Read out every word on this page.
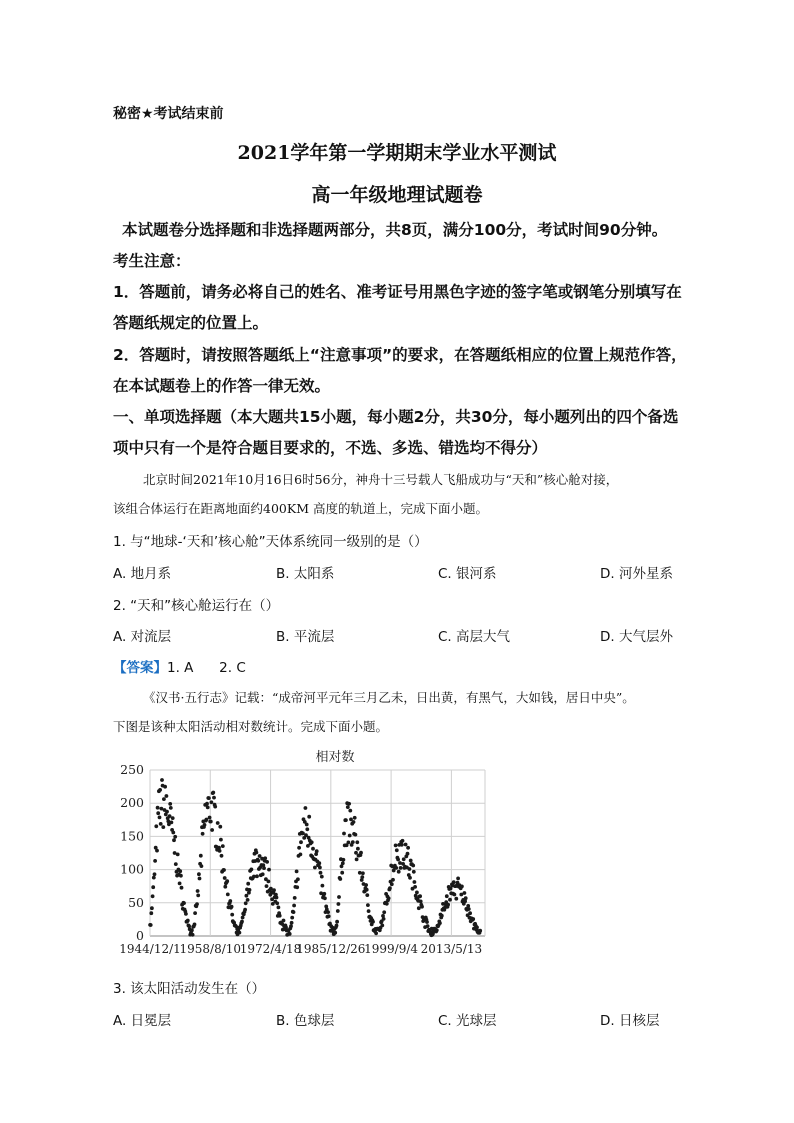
秘密★考试结束前
2021学年第一学期期末学业水平测试
高一年级地理试题卷
本试题卷分选择题和非选择题两部分，共8页，满分100分，考试时间90分钟。
考生注意：
1．答题前，请务必将自己的姓名、准考证号用黑色字迹的签字笔或钢笔分别填写在
答题纸规定的位置上。
2．答题时，请按照答题纸上“注意事项”的要求，在答题纸相应的位置上规范作答，
在本试题卷上的作答一律无效。
一、单项选择题（本大题共15小题，每小题2分，共30分，每小题列出的四个备选
项中只有一个是符合题目要求的，不选、多选、错选均不得分）
北京时间2021年10月16日6时56分，神舟十三号载人飞船成功与“天和”核心舱对接，
该组合体运行在距离地面约400KM 高度的轨道上，完成下面小题。
1. 与“地球-‘天和’核心舱”天体系统同一级别的是（）
A. 地月系	B. 太阳系	C. 银河系	D. 河外星系
2. “天和”核心舱运行在（）
A. 对流层	B. 平流层	C. 高层大气	D. 大气层外
【答案】1. A      2. C
《汉书·五行志》记载：“成帝河平元年三月乙未，日出黄，有黑气，大如钱，居日中央”。
下图是该种太阳活动相对数统计。完成下面小题。
0
50
100
150
200
250
1944/12/1
1958/8/10
1972/4/18
1985/12/26
1999/9/4 2013/5/13
相对数
3. 该太阳活动发生在（）
A. 日冕层	B. 色球层	C. 光球层	D. 日核层
